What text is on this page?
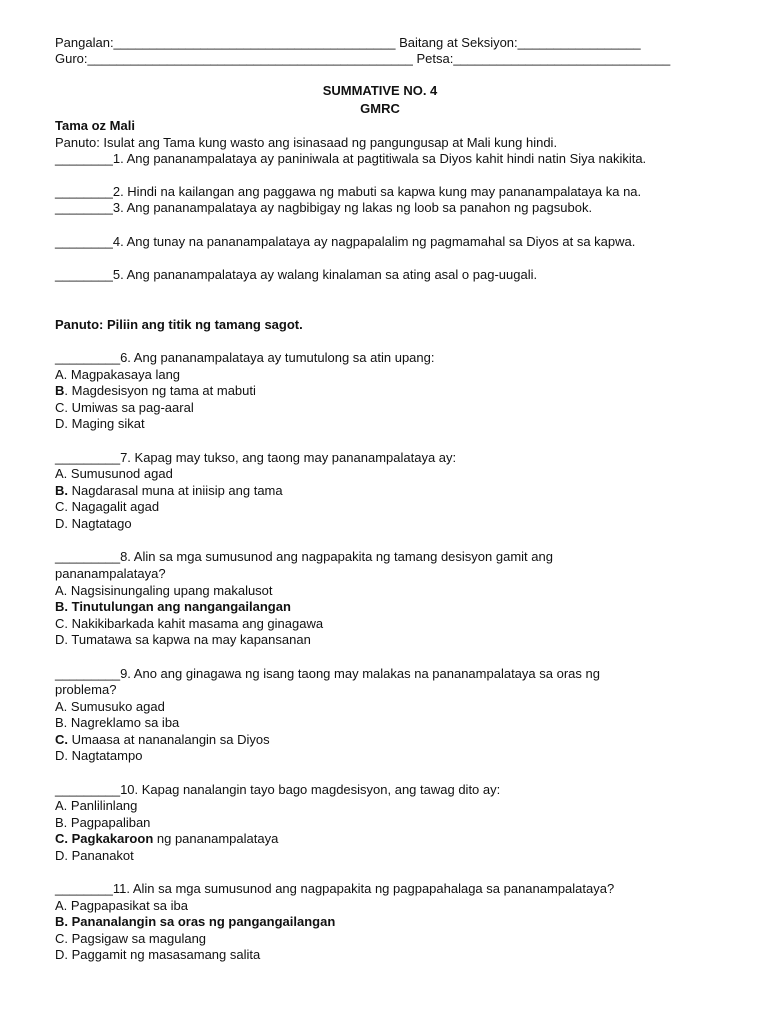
Pangalan:_______________________________________ Baitang at Seksiyon:_________________
Guro:_____________________________________________ Petsa:______________________________
SUMMATIVE NO. 4
GMRC
Tama oz Mali
Panuto: Isulat ang Tama kung wasto ang isinasaad ng pangungusap at Mali kung hindi.
________1. Ang pananampalataya ay paniniwala at pagtitiwala sa Diyos kahit hindi natin Siya nakikita.
________2. Hindi na kailangan ang paggawa ng mabuti sa kapwa kung may pananampalataya ka na.
________3. Ang pananampalataya ay nagbibigay ng lakas ng loob sa panahon ng pagsubok.
________4. Ang tunay na pananampalataya ay nagpapalalim ng pagmamahal sa Diyos at sa kapwa.
________5. Ang pananampalataya ay walang kinalaman sa ating asal o pag-uugali.
Panuto: Piliin ang titik ng tamang sagot.
_________6. Ang pananampalataya ay tumutulong sa atin upang:
A. Magpakasaya lang
B. Magdesisyon ng tama at mabuti
C. Umiwas sa pag-aaral
D. Maging sikat
_________7. Kapag may tukso, ang taong may pananampalataya ay:
A. Sumusunod agad
B. Nagdarasal muna at iniisip ang tama
C. Nagagalit agad
D. Nagtatago
_________8. Alin sa mga sumusunod ang nagpapakita ng tamang desisyon gamit ang
pananampalataya?
A. Nagsisinungaling upang makalusot
B. Tinutulungan ang nangangailangan
C. Nakikibarkada kahit masama ang ginagawa
D. Tumatawa sa kapwa na may kapansanan
_________9. Ano ang ginagawa ng isang taong may malakas na pananampalataya sa oras ng
problema?
A. Sumusuko agad
B. Nagreklamo sa iba
C. Umaasa at nananalangin sa Diyos
D. Nagtatampo
_________10. Kapag nanalangin tayo bago magdesisyon, ang tawag dito ay:
A. Panlilinlang
B. Pagpapaliban
C. Pagkakaroon ng pananampalataya
D. Pananakot
________11. Alin sa mga sumusunod ang nagpapakita ng pagpapahalaga sa pananampalataya?
A. Pagpapasikat sa iba
B. Pananalangin sa oras ng pangangailangan
C. Pagsigaw sa magulang
D. Paggamit ng masasamang salita
